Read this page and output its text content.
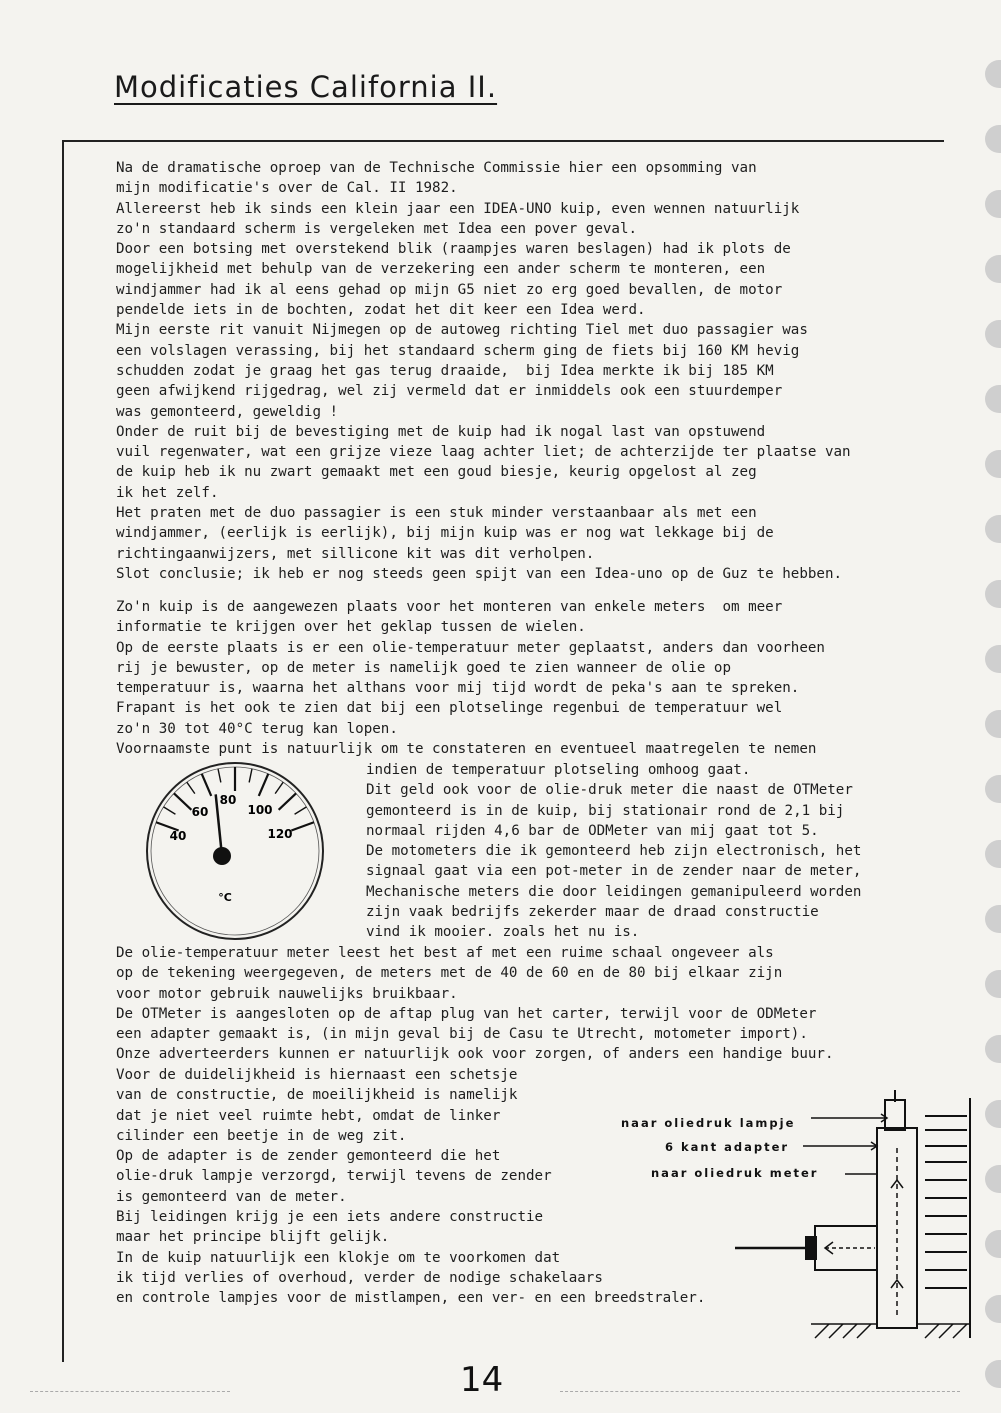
Modificaties California II.
Na de dramatische oproep van de Technische Commissie hier een opsomming van
mijn modificatie's over de Cal. II 1982.
Allereerst heb ik sinds een klein jaar een IDEA-UNO kuip, even wennen natuurlijk
zo'n standaard scherm is vergeleken met Idea een pover geval.
Door een botsing met overstekend blik (raampjes waren beslagen) had ik plots de
mogelijkheid met behulp van de verzekering een ander scherm te monteren, een
windjammer had ik al eens gehad op mijn G5 niet zo erg goed bevallen, de motor
pendelde iets in de bochten, zodat het dit keer een Idea werd.
Mijn eerste rit vanuit Nijmegen op de autoweg richting Tiel met duo passagier was
een volslagen verassing, bij het standaard scherm ging de fiets bij 160 KM hevig
schudden zodat je graag het gas terug draaide,  bij Idea merkte ik bij 185 KM
geen afwijkend rijgedrag, wel zij vermeld dat er inmiddels ook een stuurdemper
was gemonteerd, geweldig !
Onder de ruit bij de bevestiging met de kuip had ik nogal last van opstuwend
vuil regenwater, wat een grijze vieze laag achter liet; de achterzijde ter plaatse van
de kuip heb ik nu zwart gemaakt met een goud biesje, keurig opgelost al zeg
ik het zelf.
Het praten met de duo passagier is een stuk minder verstaanbaar als met een
windjammer, (eerlijk is eerlijk), bij mijn kuip was er nog wat lekkage bij de
richtingaanwijzers, met sillicone kit was dit verholpen.
Slot conclusie; ik heb er nog steeds geen spijt van een Idea-uno op de Guz te hebben.
Zo'n kuip is de aangewezen plaats voor het monteren van enkele meters  om meer
informatie te krijgen over het geklap tussen de wielen.
Op de eerste plaats is er een olie-temperatuur meter geplaatst, anders dan voorheen
rij je bewuster, op de meter is namelijk goed te zien wanneer de olie op
temperatuur is, waarna het althans voor mij tijd wordt de peka's aan te spreken.
Frapant is het ook te zien dat bij een plotselinge regenbui de temperatuur wel
zo'n 30 tot 40°C terug kan lopen.
Voornaamste punt is natuurlijk om te constateren en eventueel maatregelen te nemen
indien de temperatuur plotseling omhoog gaat.
Dit geld ook voor de olie-druk meter die naast de OTMeter
gemonteerd is in de kuip, bij stationair rond de 2,1 bij
normaal rijden 4,6 bar de ODMeter van mij gaat tot 5.
De motometers die ik gemonteerd heb zijn electronisch, het
signaal gaat via een pot-meter in de zender naar de meter,
Mechanische meters die door leidingen gemanipuleerd worden
zijn vaak bedrijfs zekerder maar de draad constructie
vind ik mooier. zoals het nu is.
De olie-temperatuur meter leest het best af met een ruime schaal ongeveer als
op de tekening weergegeven, de meters met de 40 de 60 en de 80 bij elkaar zijn
voor motor gebruik nauwelijks bruikbaar.
De OTMeter is aangesloten op de aftap plug van het carter, terwijl voor de ODMeter
een adapter gemaakt is, (in mijn geval bij de Casu te Utrecht, motometer import).
Onze adverteerders kunnen er natuurlijk ook voor zorgen, of anders een handige buur.
Voor de duidelijkheid is hiernaast een schetsje
van de constructie, de moeilijkheid is namelijk
dat je niet veel ruimte hebt, omdat de linker
cilinder een beetje in de weg zit.
Op de adapter is de zender gemonteerd die het
olie-druk lampje verzorgd, terwijl tevens de zender
is gemonteerd van de meter.
Bij leidingen krijg je een iets andere constructie
maar het principe blijft gelijk.
In de kuip natuurlijk een klokje om te voorkomen dat
ik tijd verlies of overhoud, verder de nodige schakelaars
en controle lampjes voor de mistlampen, een ver- en een breedstraler.
40
60
80
100
120
°C
naar oliedruk lampje
6 kant adapter
naar oliedruk meter
14
